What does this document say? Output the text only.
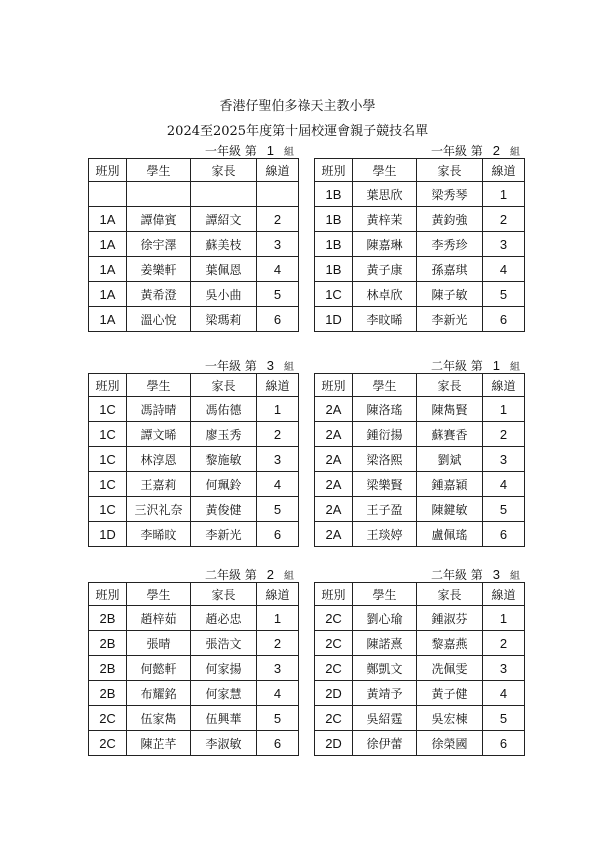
香港仔聖伯多祿天主教小學
2024至2025年度第十屆校運會親子競技名單
一年級 第 1 組
班別	學生	家長	線道

1A	譚偉賓	譚紹文	2
1A	徐宇澤	蘇美枝	3
1A	姜樂軒	葉佩恩	4
1A	黃希澄	吳小曲	5
1A	溫心悅	梁瑪莉	6
一年級 第 2 組
班別	學生	家長	線道
1B	葉思欣	梁秀琴	1
1B	黃梓茉	黃鈞強	2
1B	陳嘉琳	李秀珍	3
1B	黃子康	孫嘉琪	4
1C	林卓欣	陳子敏	5
1D	李旼晞	李新光	6
一年級 第 3 組
班別	學生	家長	線道
1C	馮詩晴	馮佑德	1
1C	譚文晞	廖玉秀	2
1C	林淳恩	黎施敏	3
1C	王嘉莉	何珮鈴	4
1C	三沢礼奈	黃俊健	5
1D	李晞旼	李新光	6
二年級 第 1 組
班別	學生	家長	線道
2A	陳洛瑤	陳雋賢	1
2A	鍾衍揚	蘇賽香	2
2A	梁洛熙	劉斌	3
2A	梁樂賢	鍾嘉穎	4
2A	王子盈	陳鍵敏	5
2A	王琰婷	盧佩瑤	6
二年級 第 2 組
班別	學生	家長	線道
2B	趙梓茹	趙必忠	1
2B	張晴	張浩文	2
2B	何懿軒	何家揚	3
2B	布耀銘	何家慧	4
2C	伍家雋	伍興華	5
2C	陳芷芊	李淑敏	6
二年級 第 3 組
班別	學生	家長	線道
2C	劉心瑜	鍾淑芬	1
2C	陳諾熹	黎嘉燕	2
2C	鄭凱文	冼佩雯	3
2D	黃靖予	黃子健	4
2C	吳紹霆	吳宏棟	5
2D	徐伊蕾	徐榮國	6
